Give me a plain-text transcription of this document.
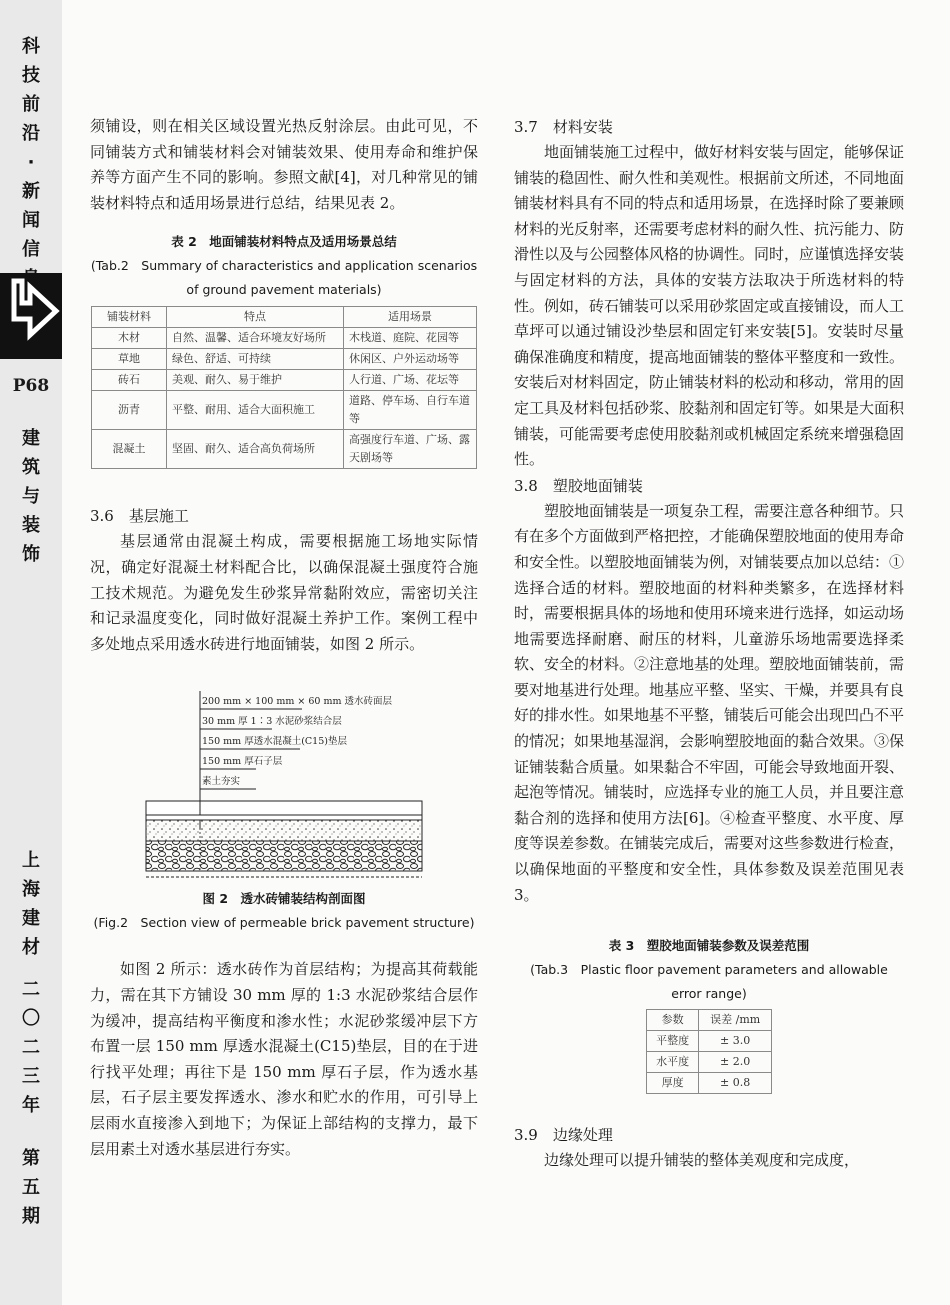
科
技
前
沿
·
新
闻
信
P68
建
筑
与
装
饰
上
海
建
材
二
〇
二
三
年
第
五
期

须铺设，则在相关区域设置光热反射涂层。由此可见，不同铺装方式和铺装材料会对铺装效果、使用寿命和维护保养等方面产生不同的影响。参照文献[4]，对几种常见的铺装材料特点和适用场景进行总结，结果见表 2。

表 2　地面铺装材料特点及适用场景总结
(Tab.2　Summary of characteristics and application scenarios
of ground pavement materials)
铺装材料	特点	适用场景
木材	自然、温馨、适合环境友好场所	木栈道、庭院、花园等
草地	绿色、舒适、可持续	休闲区、户外运动场等
砖石	美观、耐久、易于维护	人行道、广场、花坛等
沥青	平整、耐用、适合大面积施工	道路、停车场、自行车道等
混凝土	坚固、耐久、适合高负荷场所	高强度行车道、广场、露天剧场等
3.6　基层施工

基层通常由混凝土构成，需要根据施工场地实际情况，确定好混凝土材料配合比，以确保混凝土强度符合施工技术规范。为避免发生砂浆异常黏附效应，需密切关注和记录温度变化，同时做好混凝土养护工作。案例工程中多处地点采用透水砖进行地面铺装，如图 2 所示。

200 mm × 100 mm × 60 mm 透水砖面层
30 mm 厚 1∶3 水泥砂浆结合层
150 mm 厚透水混凝土(C15)垫层
150 mm 厚石子层
素土夯实
图 2　透水砖铺装结构剖面图
(Fig.2　Section view of permeable brick pavement structure)

如图 2 所示：透水砖作为首层结构；为提高其荷载能力，需在其下方铺设 30 mm 厚的 1:3 水泥砂浆结合层作为缓冲，提高结构平衡度和渗水性；水泥砂浆缓冲层下方布置一层 150 mm 厚透水混凝土(C15)垫层，目的在于进行找平处理；再往下是 150 mm 厚石子层，作为透水基层，石子层主要发挥透水、渗水和贮水的作用，可引导上层雨水直接渗入到地下；为保证上部结构的支撑力，最下层用素土对透水基层进行夯实。

3.7　材料安装

地面铺装施工过程中，做好材料安装与固定，能够保证铺装的稳固性、耐久性和美观性。根据前文所述，不同地面铺装材料具有不同的特点和适用场景，在选择时除了要兼顾材料的光反射率，还需要考虑材料的耐久性、抗污能力、防滑性以及与公园整体风格的协调性。同时，应谨慎选择安装与固定材料的方法，具体的安装方法取决于所选材料的特性。例如，砖石铺装可以采用砂浆固定或直接铺设，而人工草坪可以通过铺设沙垫层和固定钉来安装[5]。安装时尽量确保准确度和精度，提高地面铺装的整体平整度和一致性。安装后对材料固定，防止铺装材料的松动和移动，常用的固定工具及材料包括砂浆、胶黏剂和固定钉等。如果是大面积铺装，可能需要考虑使用胶黏剂或机械固定系统来增强稳固性。

3.8　塑胶地面铺装

塑胶地面铺装是一项复杂工程，需要注意各种细节。只有在多个方面做到严格把控，才能确保塑胶地面的使用寿命和安全性。以塑胶地面铺装为例，对铺装要点加以总结：①选择合适的材料。塑胶地面的材料种类繁多，在选择材料时，需要根据具体的场地和使用环境来进行选择，如运动场地需要选择耐磨、耐压的材料，儿童游乐场地需要选择柔软、安全的材料。②注意地基的处理。塑胶地面铺装前，需要对地基进行处理。地基应平整、坚实、干燥，并要具有良好的排水性。如果地基不平整，铺装后可能会出现凹凸不平的情况；如果地基湿润，会影响塑胶地面的黏合效果。③保证铺装黏合质量。如果黏合不牢固，可能会导致地面开裂、起泡等情况。铺装时，应选择专业的施工人员，并且要注意黏合剂的选择和使用方法[6]。④检查平整度、水平度、厚度等误差参数。在铺装完成后，需要对这些参数进行检查，以确保地面的平整度和安全性，具体参数及误差范围见表 3。

表 3　塑胶地面铺装参数及误差范围
(Tab.3　Plastic floor pavement parameters and allowable
error range)
参数	误差 /mm
平整度	± 3.0
水平度	± 2.0
厚度	± 0.8
3.9　边缘处理

边缘处理可以提升铺装的整体美观度和完成度，
